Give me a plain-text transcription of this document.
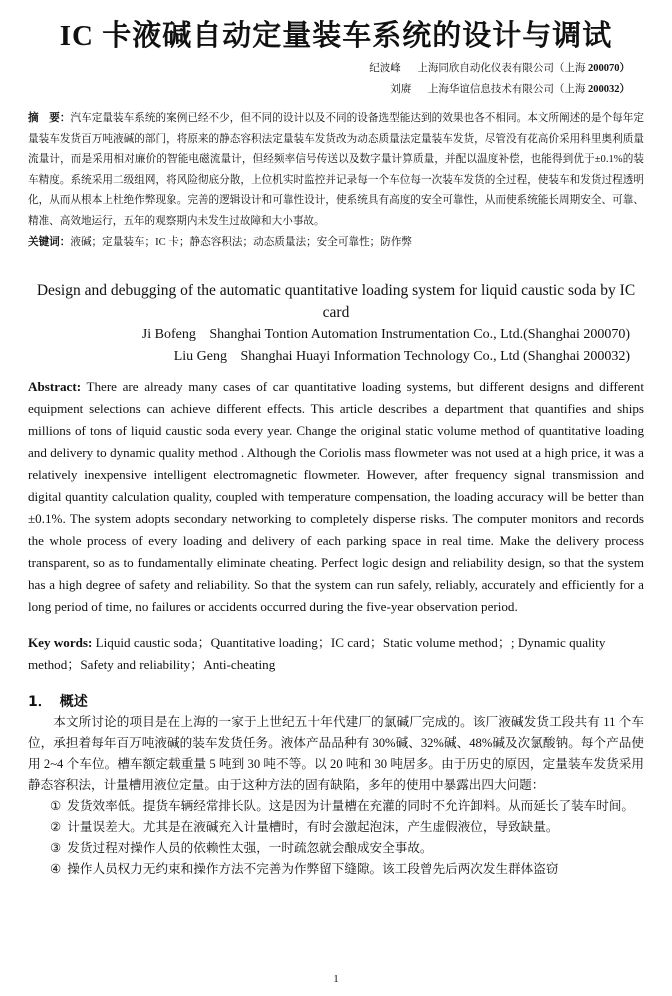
IC 卡液碱自动定量装车系统的设计与调试
纪波峰 上海同欣自动化仪表有限公司（上海 200070）
刘赓 上海华谊信息技术有限公司（上海 200032）
摘　要：汽车定量装车系统的案例已经不少，但不同的设计以及不同的设备选型能达到的效果也各不相同。本文所阐述的是个每年定量装车发货百万吨液碱的部门，将原来的静态容积法定量装车发货改为动态质量法定量装车发货，尽管没有花高价采用科里奥利质量流量计，而是采用相对廉价的智能电磁流量计，但经频率信号传送以及数字量计算质量，并配以温度补偿，也能得到优于±0.1%的装车精度。系统采用二级组网，将风险彻底分散，上位机实时监控并记录每一个车位每一次装车发货的全过程，使装车和发货过程透明化，从而从根本上杜绝作弊现象。完善的逻辑设计和可靠性设计，使系统具有高度的安全可靠性，从而使系统能长周期安全、可靠、精准、高效地运行，五年的观察期内未发生过故障和大小事故。
关键词：液碱；定量装车；IC 卡；静态容积法；动态质量法；安全可靠性；防作弊
Design and debugging of the automatic quantitative loading system for liquid caustic soda by IC card
Ji Bofeng Shanghai Tontion Automation Instrumentation Co., Ltd.(Shanghai 200070)
Liu Geng Shanghai Huayi Information Technology Co., Ltd (Shanghai 200032)
Abstract: There are already many cases of car quantitative loading systems, but different designs and different equipment selections can achieve different effects. This article describes a department that quantifies and ships millions of tons of liquid caustic soda every year. Change the original static volume method of quantitative loading and delivery to dynamic quality method . Although the Coriolis mass flowmeter was not used at a high price, it was a relatively inexpensive intelligent electromagnetic flowmeter. However, after frequency signal transmission and digital quantity calculation quality, coupled with temperature compensation, the loading accuracy will be better than ±0.1%. The system adopts secondary networking to completely disperse risks. The computer monitors and records the whole process of every loading and delivery of each parking space in real time. Make the delivery process transparent, so as to fundamentally eliminate cheating. Perfect logic design and reliability design, so that the system has a high degree of safety and reliability. So that the system can run safely, reliably, accurately and efficiently for a long period of time, no failures or accidents occurred during the five-year observation period.
Key words: Liquid caustic soda；Quantitative loading；IC card；Static volume method；; Dynamic quality method；Safety and reliability；Anti-cheating
1． 概述
本文所讨论的项目是在上海的一家于上世纪五十年代建厂的氯碱厂完成的。该厂液碱发货工段共有 11 个车位，承担着每年百万吨液碱的装车发货任务。液体产品品种有 30%碱、32%碱、48%碱及次氯酸钠。每个产品使用 2~4 个车位。槽车额定载重量 5 吨到 30 吨不等。以 20 吨和 30 吨居多。由于历史的原因，定量装车发货采用静态容积法，计量槽用液位定量。由于这种方法的固有缺陷，多年的使用中暴露出四大问题：
① 发货效率低。提货车辆经常排长队。这是因为计量槽在充灌的同时不允许卸料。从而延长了装车时间。
② 计量误差大。尤其是在液碱充入计量槽时，有时会激起泡沫，产生虚假液位，导致缺量。
③ 发货过程对操作人员的依赖性太强，一时疏忽就会酿成安全事故。
④ 操作人员权力无约束和操作方法不完善为作弊留下缝隙。该工段曾先后两次发生群体盗窃
1
